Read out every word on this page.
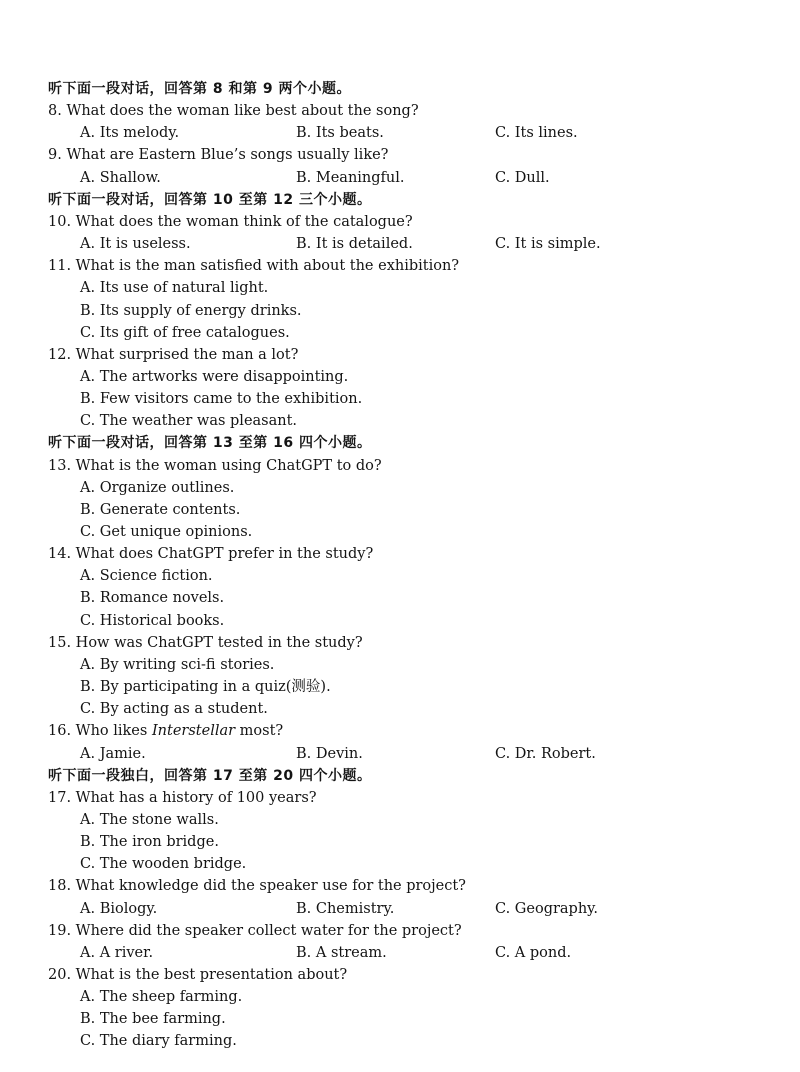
听下面一段对话，回答第 8 和第 9 两个小题。
8. What does the woman like best about the song?
A. Its melody.	B. Its beats.	C. Its lines.
9. What are Eastern Blue’s songs usually like?
A. Shallow.	B. Meaningful.	C. Dull.
听下面一段对话，回答第 10 至第 12 三个小题。
10. What does the woman think of the catalogue?
A. It is useless.	B. It is detailed.	C. It is simple.
11. What is the man satisfied with about the exhibition?
A. Its use of natural light.
B. Its supply of energy drinks.
C. Its gift of free catalogues.
12. What surprised the man a lot?
A. The artworks were disappointing.
B. Few visitors came to the exhibition.
C. The weather was pleasant.
听下面一段对话，回答第 13 至第 16 四个小题。
13. What is the woman using ChatGPT to do?
A. Organize outlines.
B. Generate contents.
C. Get unique opinions.
14. What does ChatGPT prefer in the study?
A. Science fiction.
B. Romance novels.
C. Historical books.
15. How was ChatGPT tested in the study?
A. By writing sci-fi stories.
B. By participating in a quiz(测验).
C. By acting as a student.
16. Who likes Interstellar most?
A. Jamie.	B. Devin.	C. Dr. Robert.
听下面一段独白，回答第 17 至第 20 四个小题。
17. What has a history of 100 years?
A. The stone walls.
B. The iron bridge.
C. The wooden bridge.
18. What knowledge did the speaker use for the project?
A. Biology.	B. Chemistry.	C. Geography.
19. Where did the speaker collect water for the project?
A. A river.	B. A stream.	C. A pond.
20. What is the best presentation about?
A. The sheep farming.
B. The bee farming.
C. The diary farming.
